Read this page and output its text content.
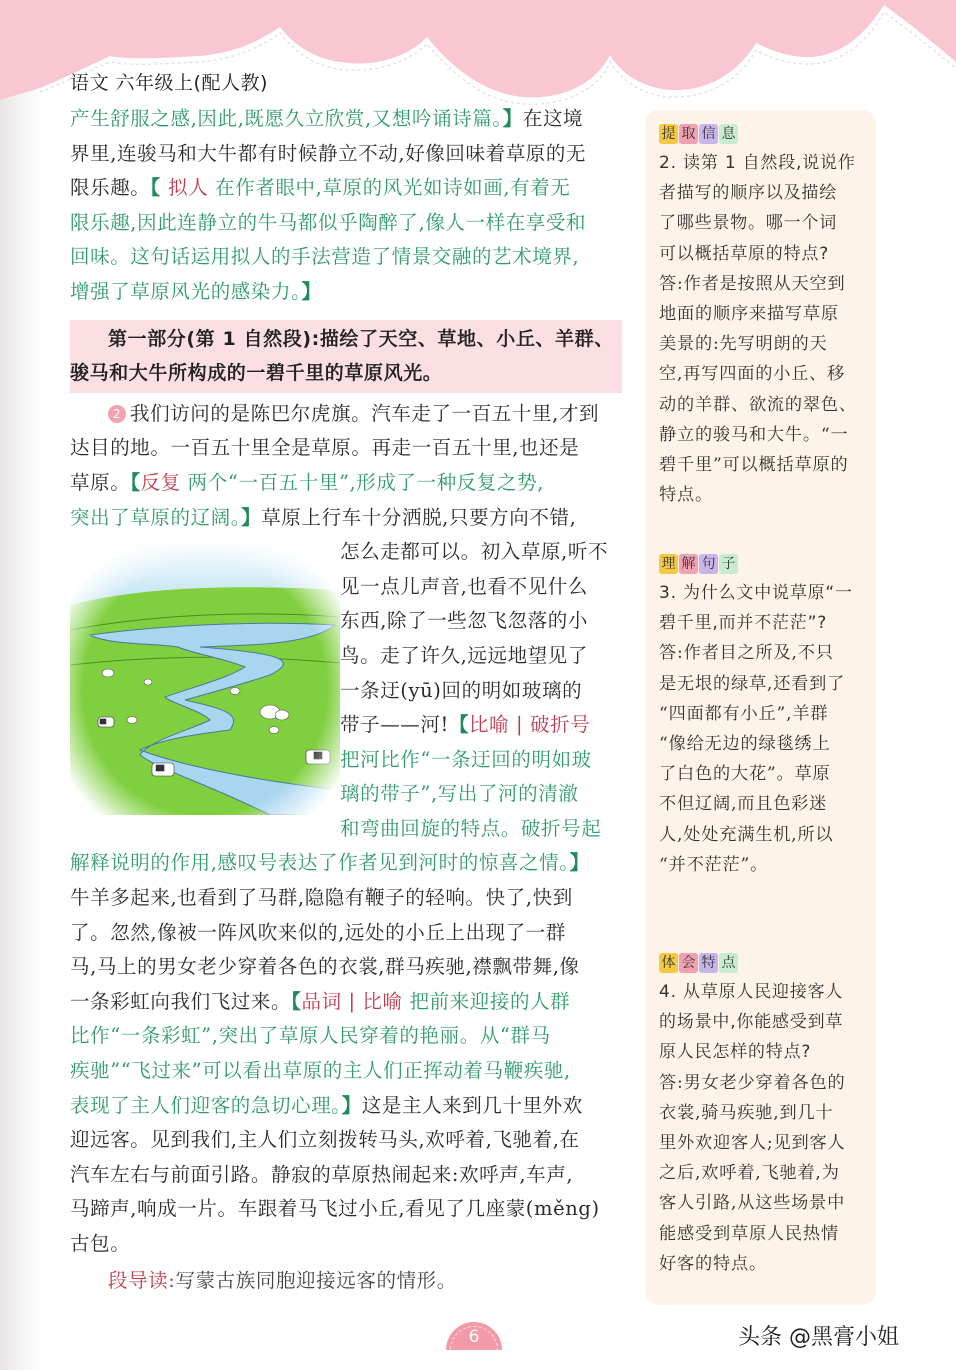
语文 六年级上(配人教)
产生舒服之感,因此,既愿久立欣赏,又想吟诵诗篇。】在这境
界里,连骏马和大牛都有时候静立不动,好像回味着草原的无
限乐趣。【 拟人 在作者眼中,草原的风光如诗如画,有着无
限乐趣,因此连静立的牛马都似乎陶醉了,像人一样在享受和
回味。这句话运用拟人的手法营造了情景交融的艺术境界,
增强了草原风光的感染力。】
第一部分(第 1 自然段):描绘了天空、草地、小丘、羊群、
骏马和大牛所构成的一碧千里的草原风光。
2 我们访问的是陈巴尔虎旗。汽车走了一百五十里,才到
达目的地。一百五十里全是草原。再走一百五十里,也还是
草原。【反复 两个“一百五十里”,形成了一种反复之势,
突出了草原的辽阔。】草原上行车十分洒脱,只要方向不错,
怎么走都可以。初入草原,听不
见一点儿声音,也看不见什么
东西,除了一些忽飞忽落的小
鸟。走了许久,远远地望见了
一条迂(yū)回的明如玻璃的
带子——河!【比喻 | 破折号
把河比作“一条迂回的明如玻
璃的带子”,写出了河的清澈
和弯曲回旋的特点。破折号起
解释说明的作用,感叹号表达了作者见到河时的惊喜之情。】
牛羊多起来,也看到了马群,隐隐有鞭子的轻响。快了,快到
了。忽然,像被一阵风吹来似的,远处的小丘上出现了一群
马,马上的男女老少穿着各色的衣裳,群马疾驰,襟飘带舞,像
一条彩虹向我们飞过来。【品词 | 比喻 把前来迎接的人群
比作“一条彩虹”,突出了草原人民穿着的艳丽。从“群马
疾驰”“飞过来”可以看出草原的主人们正挥动着马鞭疾驰,
表现了主人们迎客的急切心理。】这是主人来到几十里外欢
迎远客。见到我们,主人们立刻拨转马头,欢呼着,飞驰着,在
汽车左右与前面引路。静寂的草原热闹起来:欢呼声,车声,
马蹄声,响成一片。车跟着马飞过小丘,看见了几座蒙(měng)
古包。
段导读:写蒙古族同胞迎接远客的情形。
提 取 信 息
2. 读第 1 自然段,说说作
者描写的顺序以及描绘
了哪些景物。哪一个词
可以概括草原的特点?
答:作者是按照从天空到
地面的顺序来描写草原
美景的:先写明朗的天
空,再写四面的小丘、移
动的羊群、欲流的翠色、
静立的骏马和大牛。“一
碧千里”可以概括草原的
特点。
理 解 句 子
3. 为什么文中说草原“一
碧千里,而并不茫茫”?
答:作者目之所及,不只
是无垠的绿草,还看到了
“四面都有小丘”,羊群
“像给无边的绿毯绣上
了白色的大花”。草原
不但辽阔,而且色彩迷
人,处处充满生机,所以
“并不茫茫”。
体 会 特 点
4. 从草原人民迎接客人
的场景中,你能感受到草
原人民怎样的特点?
答:男女老少穿着各色的
衣裳,骑马疾驰,到几十
里外欢迎客人;见到客人
之后,欢呼着,飞驰着,为
客人引路,从这些场景中
能感受到草原人民热情
好客的特点。
6	头条 @黑膏小姐
